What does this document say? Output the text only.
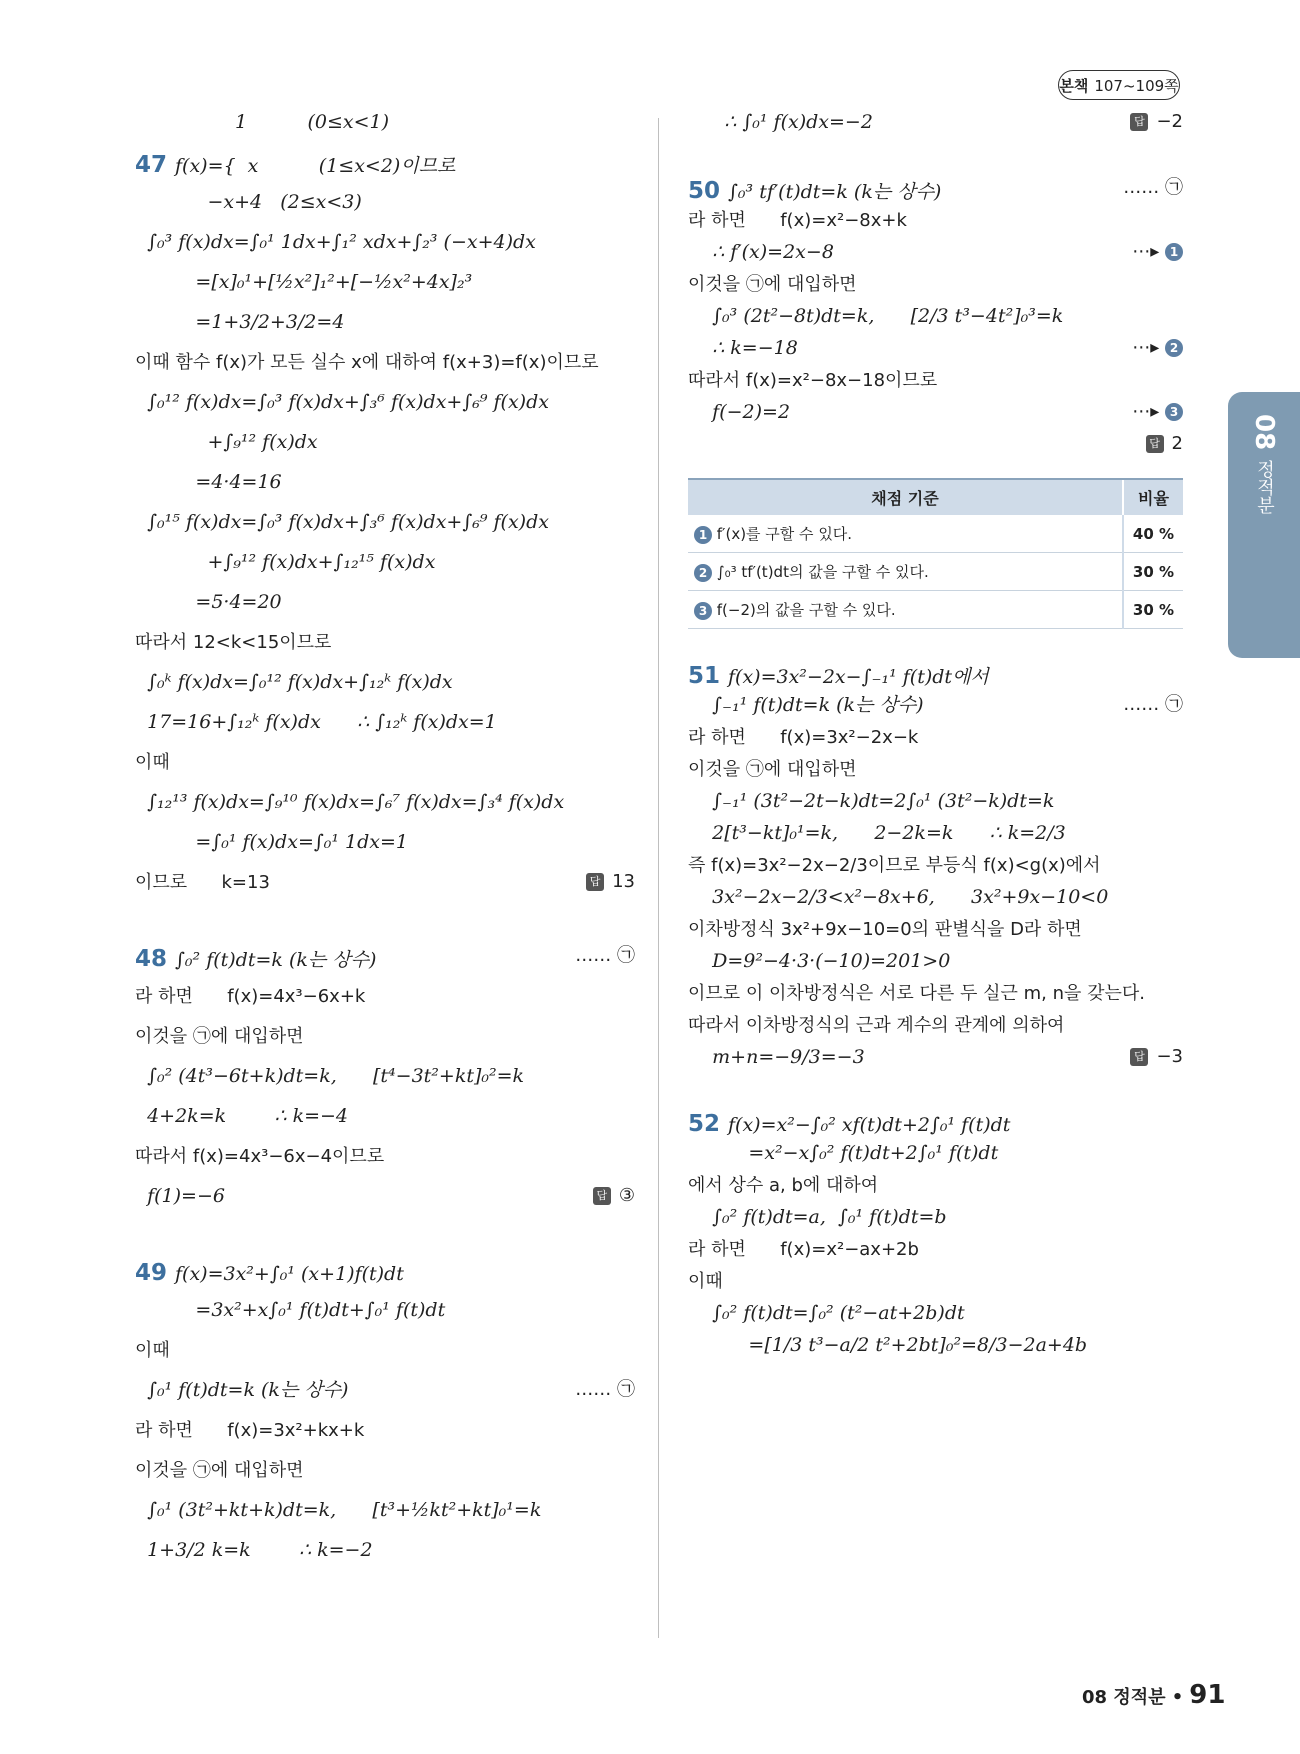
본책 107~109쪽
08
정적분
1          (0≤x<1)
47 f(x)={  x          (1≤x<2)이므로
−x+4   (2≤x<3)
∫₀³ f(x)dx=∫₀¹ 1dx+∫₁² xdx+∫₂³ (−x+4)dx
=[x]₀¹+[½x²]₁²+[−½x²+4x]₂³
=1+3/2+3/2=4
이때 함수 f(x)가 모든 실수 x에 대하여 f(x+3)=f(x)이므로
∫₀¹² f(x)dx=∫₀³ f(x)dx+∫₃⁶ f(x)dx+∫₆⁹ f(x)dx
+∫₉¹² f(x)dx
=4·4=16
∫₀¹⁵ f(x)dx=∫₀³ f(x)dx+∫₃⁶ f(x)dx+∫₆⁹ f(x)dx
+∫₉¹² f(x)dx+∫₁₂¹⁵ f(x)dx
=5·4=20
따라서 12<k<15이므로
∫₀ᵏ f(x)dx=∫₀¹² f(x)dx+∫₁₂ᵏ f(x)dx
17=16+∫₁₂ᵏ f(x)dx      ∴ ∫₁₂ᵏ f(x)dx=1
이때
∫₁₂¹³ f(x)dx=∫₉¹⁰ f(x)dx=∫₆⁷ f(x)dx=∫₃⁴ f(x)dx
=∫₀¹ f(x)dx=∫₀¹ 1dx=1
이므로      k=13	답 13
48 ∫₀² f(t)dt=k (k는 상수)	…… ㉠
라 하면      f(x)=4x³−6x+k
이것을 ㉠에 대입하면
∫₀² (4t³−6t+k)dt=k,      [t⁴−3t²+kt]₀²=k
4+2k=k        ∴ k=−4
따라서 f(x)=4x³−6x−4이므로
f(1)=−6	답 ③
49 f(x)=3x²+∫₀¹ (x+1)f(t)dt
=3x²+x∫₀¹ f(t)dt+∫₀¹ f(t)dt
이때
∫₀¹ f(t)dt=k (k는 상수)	…… ㉠
라 하면      f(x)=3x²+kx+k
이것을 ㉠에 대입하면
∫₀¹ (3t²+kt+k)dt=k,      [t³+½kt²+kt]₀¹=k
1+3/2 k=k        ∴ k=−2
∴ ∫₀¹ f(x)dx=−2	답 −2
50 ∫₀³ tf′(t)dt=k (k는 상수)	…… ㉠
라 하면      f(x)=x²−8x+k
∴ f′(x)=2x−8	⋯▸ 1
이것을 ㉠에 대입하면
∫₀³ (2t²−8t)dt=k,      [2/3 t³−4t²]₀³=k
∴ k=−18	⋯▸ 2
따라서 f(x)=x²−8x−18이므로
f(−2)=2	⋯▸ 3
답 2
채점 기준	비율
1 f′(x)를 구할 수 있다.	40 %
2 ∫₀³ tf′(t)dt의 값을 구할 수 있다.	30 %
3 f(−2)의 값을 구할 수 있다.	30 %
51 f(x)=3x²−2x−∫₋₁¹ f(t)dt에서
∫₋₁¹ f(t)dt=k (k는 상수)	…… ㉠
라 하면      f(x)=3x²−2x−k
이것을 ㉠에 대입하면
∫₋₁¹ (3t²−2t−k)dt=2∫₀¹ (3t²−k)dt=k
2[t³−kt]₀¹=k,      2−2k=k      ∴ k=2/3
즉 f(x)=3x²−2x−2/3이므로 부등식 f(x)<g(x)에서
3x²−2x−2/3<x²−8x+6,      3x²+9x−10<0
이차방정식 3x²+9x−10=0의 판별식을 D라 하면
D=9²−4·3·(−10)=201>0
이므로 이 이차방정식은 서로 다른 두 실근 m, n을 갖는다.
따라서 이차방정식의 근과 계수의 관계에 의하여
m+n=−9/3=−3	답 −3
52 f(x)=x²−∫₀² xf(t)dt+2∫₀¹ f(t)dt
=x²−x∫₀² f(t)dt+2∫₀¹ f(t)dt
에서 상수 a, b에 대하여
∫₀² f(t)dt=a,  ∫₀¹ f(t)dt=b
라 하면      f(x)=x²−ax+2b
이때
∫₀² f(t)dt=∫₀² (t²−at+2b)dt
=[1/3 t³−a/2 t²+2bt]₀²=8/3−2a+4b
08 정적분 • 91
